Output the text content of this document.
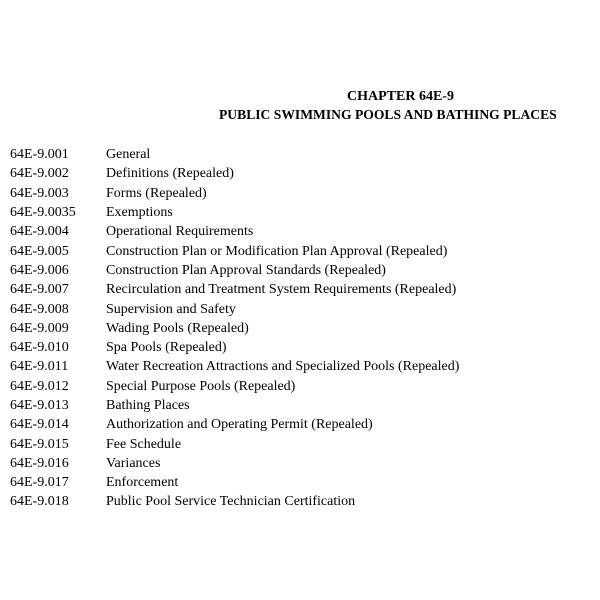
CHAPTER 64E-9
PUBLIC SWIMMING POOLS AND BATHING PLACES
64E-9.001	General
64E-9.002	Definitions (Repealed)
64E-9.003	Forms (Repealed)
64E-9.0035	Exemptions
64E-9.004	Operational Requirements
64E-9.005	Construction Plan or Modification Plan Approval (Repealed)
64E-9.006	Construction Plan Approval Standards (Repealed)
64E-9.007	Recirculation and Treatment System Requirements (Repealed)
64E-9.008	Supervision and Safety
64E-9.009	Wading Pools (Repealed)
64E-9.010	Spa Pools (Repealed)
64E-9.011	Water Recreation Attractions and Specialized Pools (Repealed)
64E-9.012	Special Purpose Pools (Repealed)
64E-9.013	Bathing Places
64E-9.014	Authorization and Operating Permit (Repealed)
64E-9.015	Fee Schedule
64E-9.016	Variances
64E-9.017	Enforcement
64E-9.018	Public Pool Service Technician Certification
